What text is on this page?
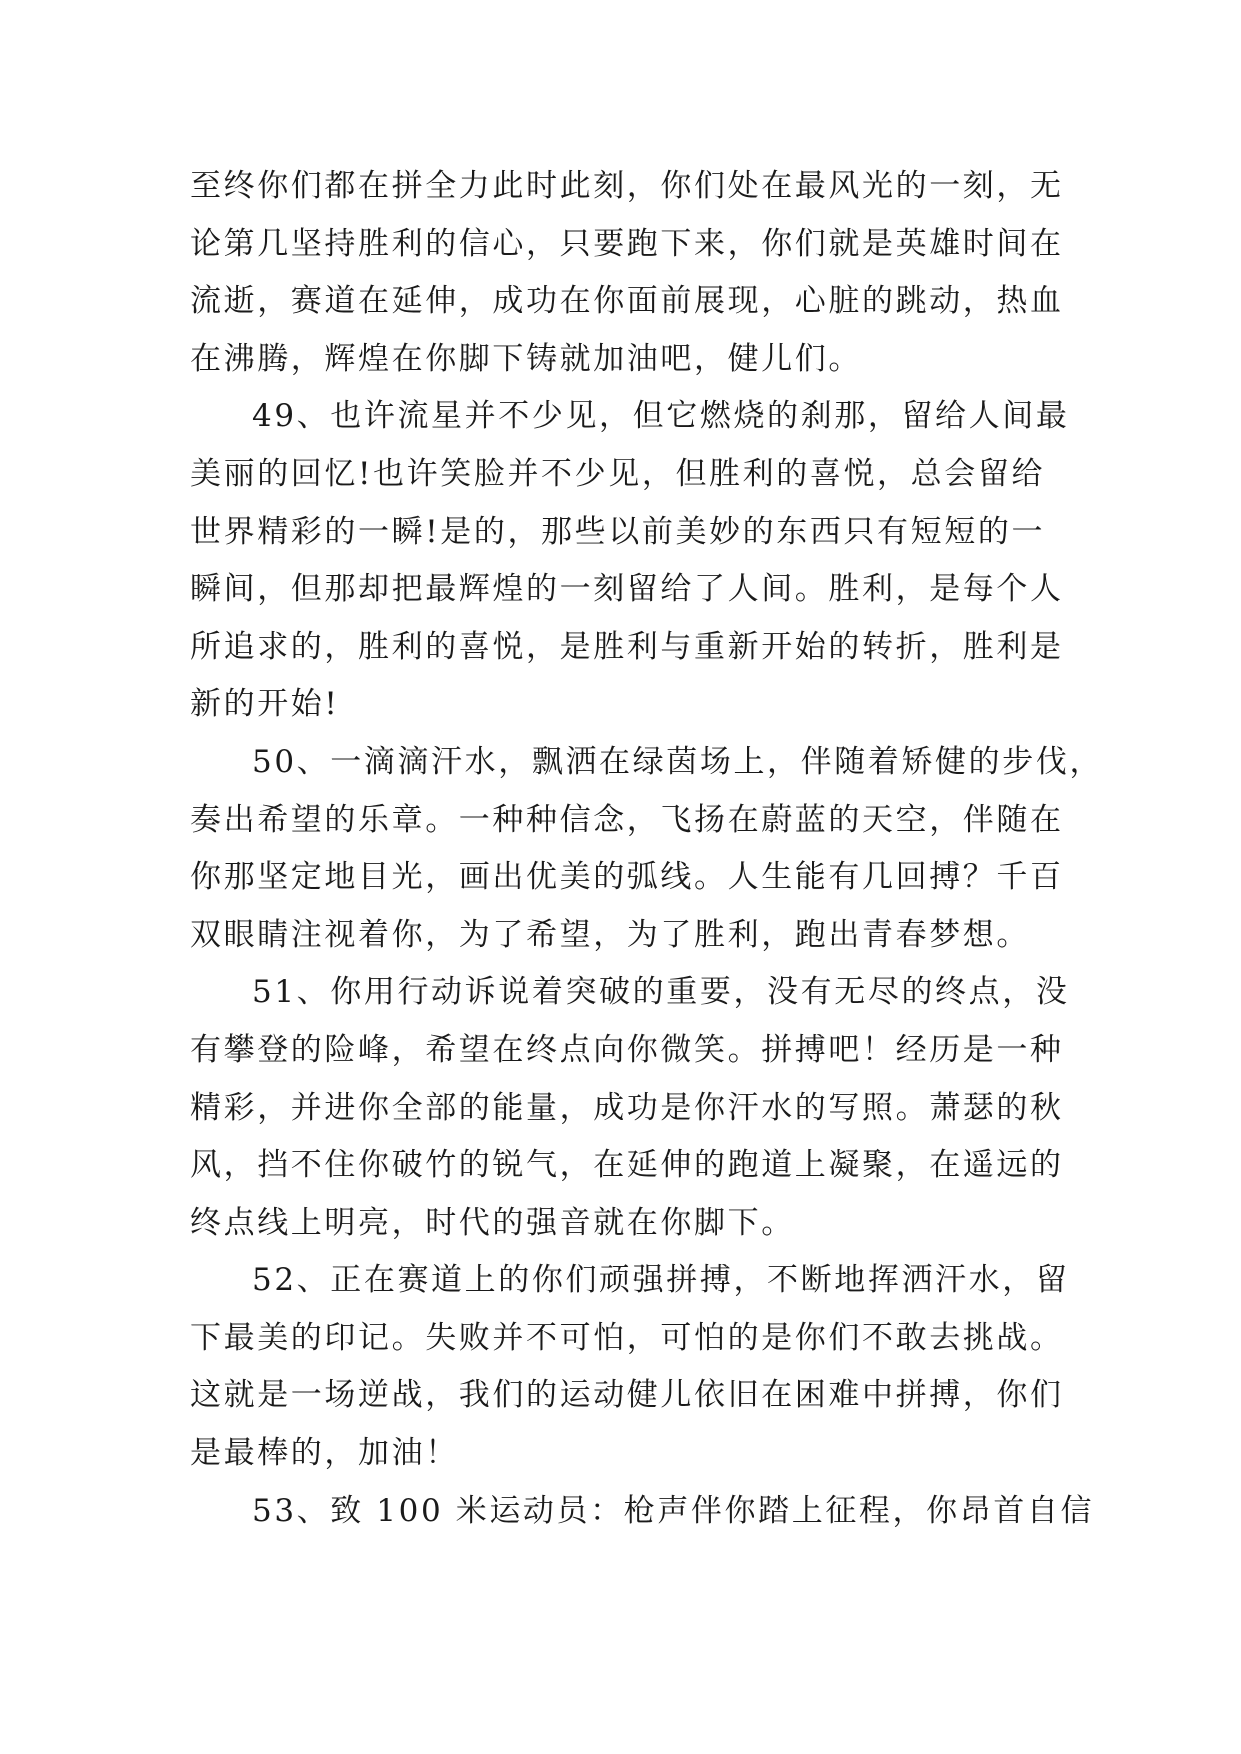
至终你们都在拼全力此时此刻，你们处在最风光的一刻，无
论第几坚持胜利的信心，只要跑下来，你们就是英雄时间在
流逝，赛道在延伸，成功在你面前展现，心脏的跳动，热血
在沸腾，辉煌在你脚下铸就加油吧，健儿们。
49、也许流星并不少见，但它燃烧的刹那，留给人间最
美丽的回忆!也许笑脸并不少见，但胜利的喜悦，总会留给
世界精彩的一瞬!是的，那些以前美妙的东西只有短短的一
瞬间，但那却把最辉煌的一刻留给了人间。胜利，是每个人
所追求的，胜利的喜悦，是胜利与重新开始的转折，胜利是
新的开始!
50、一滴滴汗水，飘洒在绿茵场上，伴随着矫健的步伐，
奏出希望的乐章。一种种信念，飞扬在蔚蓝的天空，伴随在
你那坚定地目光，画出优美的弧线。人生能有几回搏？千百
双眼睛注视着你，为了希望，为了胜利，跑出青春梦想。
51、你用行动诉说着突破的重要，没有无尽的终点，没
有攀登的险峰，希望在终点向你微笑。拼搏吧！经历是一种
精彩，并进你全部的能量，成功是你汗水的写照。萧瑟的秋
风，挡不住你破竹的锐气，在延伸的跑道上凝聚，在遥远的
终点线上明亮，时代的强音就在你脚下。
52、正在赛道上的你们顽强拼搏，不断地挥洒汗水，留
下最美的印记。失败并不可怕，可怕的是你们不敢去挑战。
这就是一场逆战，我们的运动健儿依旧在困难中拼搏，你们
是最棒的，加油！
53、致 100 米运动员：枪声伴你踏上征程，你昂首自信
